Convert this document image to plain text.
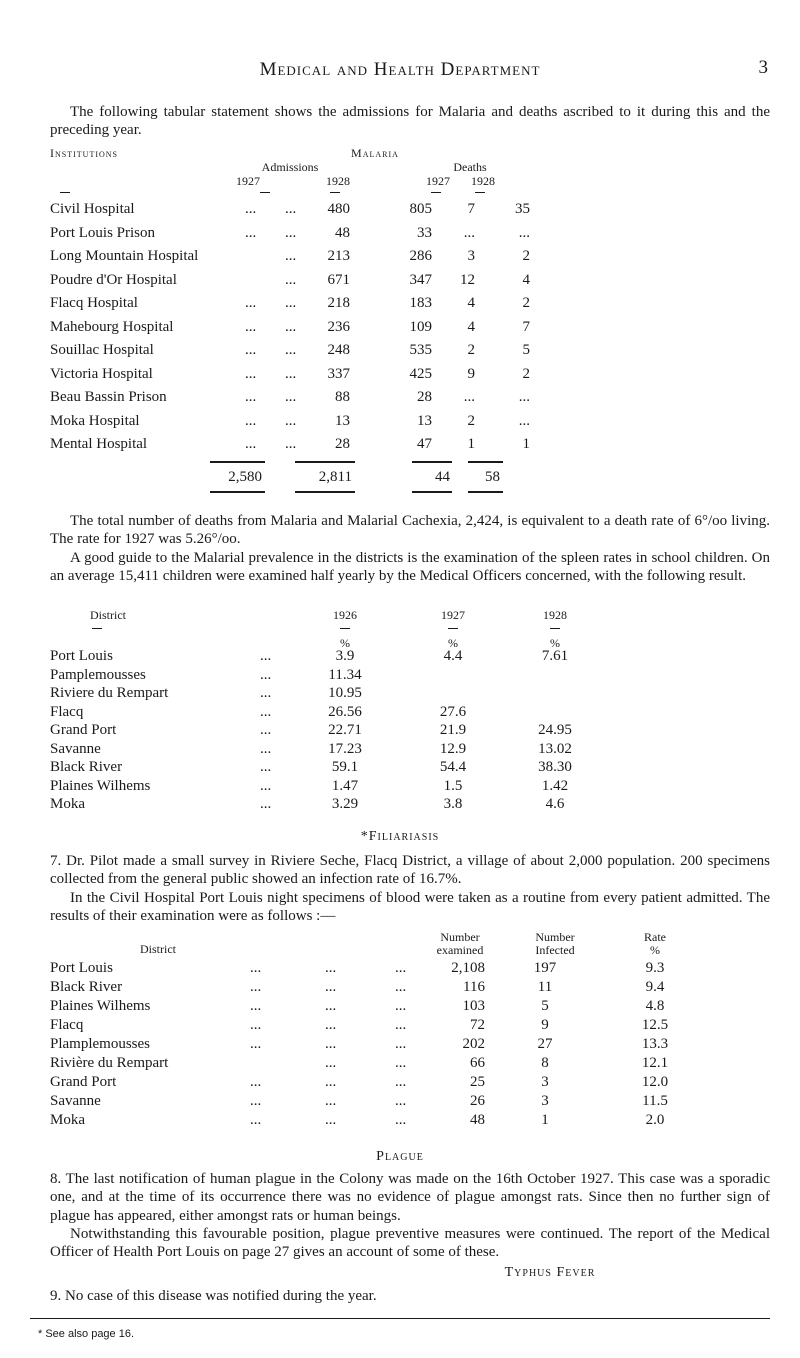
Medical and Health Department	3
The following tabular statement shows the admissions for Malaria and deaths ascribed to it during this and the preceding year.
Institutions	Malaria
Admissions	Deaths
1927	1928	1927	1928
Civil Hospital	... ...	480	805	7	35
Port Louis Prison	... ...	48	33	...	...
Long Mountain Hospital	...	213	286	3	2
Poudre d'Or Hospital	...	671	347	12	4
Flacq Hospital	... ...	218	183	4	2
Mahebourg Hospital	... ...	236	109	4	7
Souillac Hospital	... ...	248	535	2	5
Victoria Hospital	... ...	337	425	9	2
Beau Bassin Prison	... ...	88	28	...	...
Moka Hospital	... ...	13	13	2	...
Mental Hospital	... ...	28	47	1	1
2,580	2,811	44	58
The total number of deaths from Malaria and Malarial Cachexia, 2,424, is equivalent to a death rate of 6°/oo living. The rate for 1927 was 5.26°/oo.
A good guide to the Malarial prevalence in the districts is the examination of the spleen rates in school children. On an average 15,411 children were examined half yearly by the Medical Officers concerned, with the following result.
District	1926	1927	1928
%	%	%
Port Louis	...	3.9	4.4	7.61
Pamplemousses	...	11.34
Riviere du Rempart	...	10.95
Flacq	...	26.56	27.6
Grand Port	...	22.71	21.9	24.95
Savanne	...	17.23	12.9	13.02
Black River	...	59.1	54.4	38.30
Plaines Wilhems	...	1.47	1.5	1.42
Moka	...	3.29	3.8	4.6
*Filiariasis
7. Dr. Pilot made a small survey in Riviere Seche, Flacq District, a village of about 2,000 population. 200 specimens collected from the general public showed an infection rate of 16.7%.
In the Civil Hospital Port Louis night specimens of blood were taken as a routine from every patient admitted. The results of their examination were as follows :—
District
Number
examined
Number
Infected
Rate
%
Port Louis	...	...	...	2,108	197	9.3
Black River	...	...	...	116	11	9.4
Plaines Wilhems	...	...	...	103	5	4.8
Flacq	...	...	...	72	9	12.5
Plamplemousses	...	...	...	202	27	13.3
Rivière du Rempart	...	...	66	8	12.1
Grand Port	...	...	...	25	3	12.0
Savanne	...	...	...	26	3	11.5
Moka	...	...	...	48	1	2.0
Plague
8. The last notification of human plague in the Colony was made on the 16th October 1927. This case was a sporadic one, and at the time of its occurrence there was no evidence of plague amongst rats. Since then no further sign of plague has appeared, either amongst rats or human beings.
Notwithstanding this favourable position, plague preventive measures were continued. The report of the Medical Officer of Health Port Louis on page 27 gives an account of some of these.
Typhus Fever
9. No case of this disease was notified during the year.
* See also page 16.
